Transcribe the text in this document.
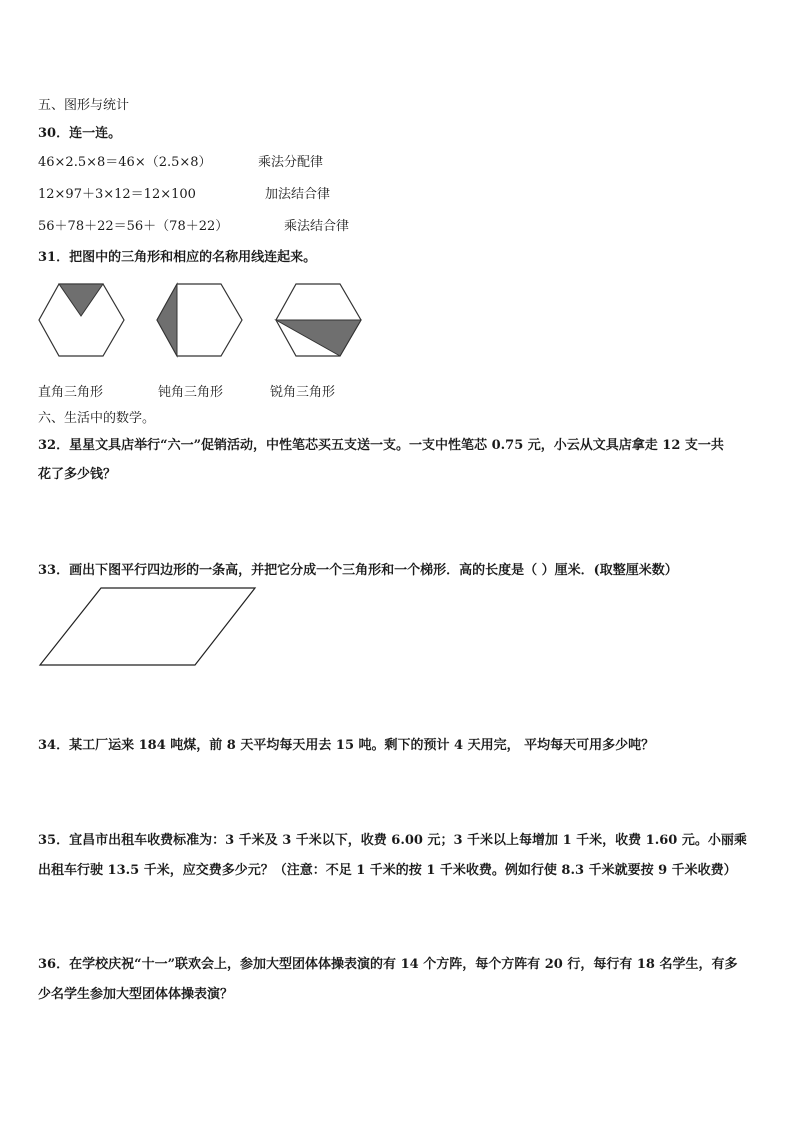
五、图形与统计
30．连一连。
46×2.5×8＝46×（2.5×8）	乘法分配律
12×97＋3×12＝12×100	加法结合律
56＋78＋22＝56＋（78＋22）	乘法结合律
31．把图中的三角形和相应的名称用线连起来。
直角三角形	钝角三角形	锐角三角形
六、生活中的数学。
32．星星文具店举行“六一”促销活动，中性笔芯买五支送一支。一支中性笔芯 0.75 元，小云从文具店拿走 12 支一共
花了多少钱？
33．画出下图平行四边形的一条高，并把它分成一个三角形和一个梯形．高的长度是（ ）厘米．(取整厘米数）
34．某工厂运来 184 吨煤，前 8 天平均每天用去 15 吨。剩下的预计 4 天用完， 平均每天可用多少吨？
35．宜昌市出租车收费标准为：3 千米及 3 千米以下，收费 6.00 元；3 千米以上每增加 1 千米，收费 1.60 元。小丽乘
出租车行驶 13.5 千米，应交费多少元？（注意：不足 1 千米的按 1 千米收费。例如行使 8.3 千米就要按 9 千米收费）
36．在学校庆祝“十一”联欢会上，参加大型团体体操表演的有 14 个方阵，每个方阵有 20 行，每行有 18 名学生，有多
少名学生参加大型团体体操表演？
